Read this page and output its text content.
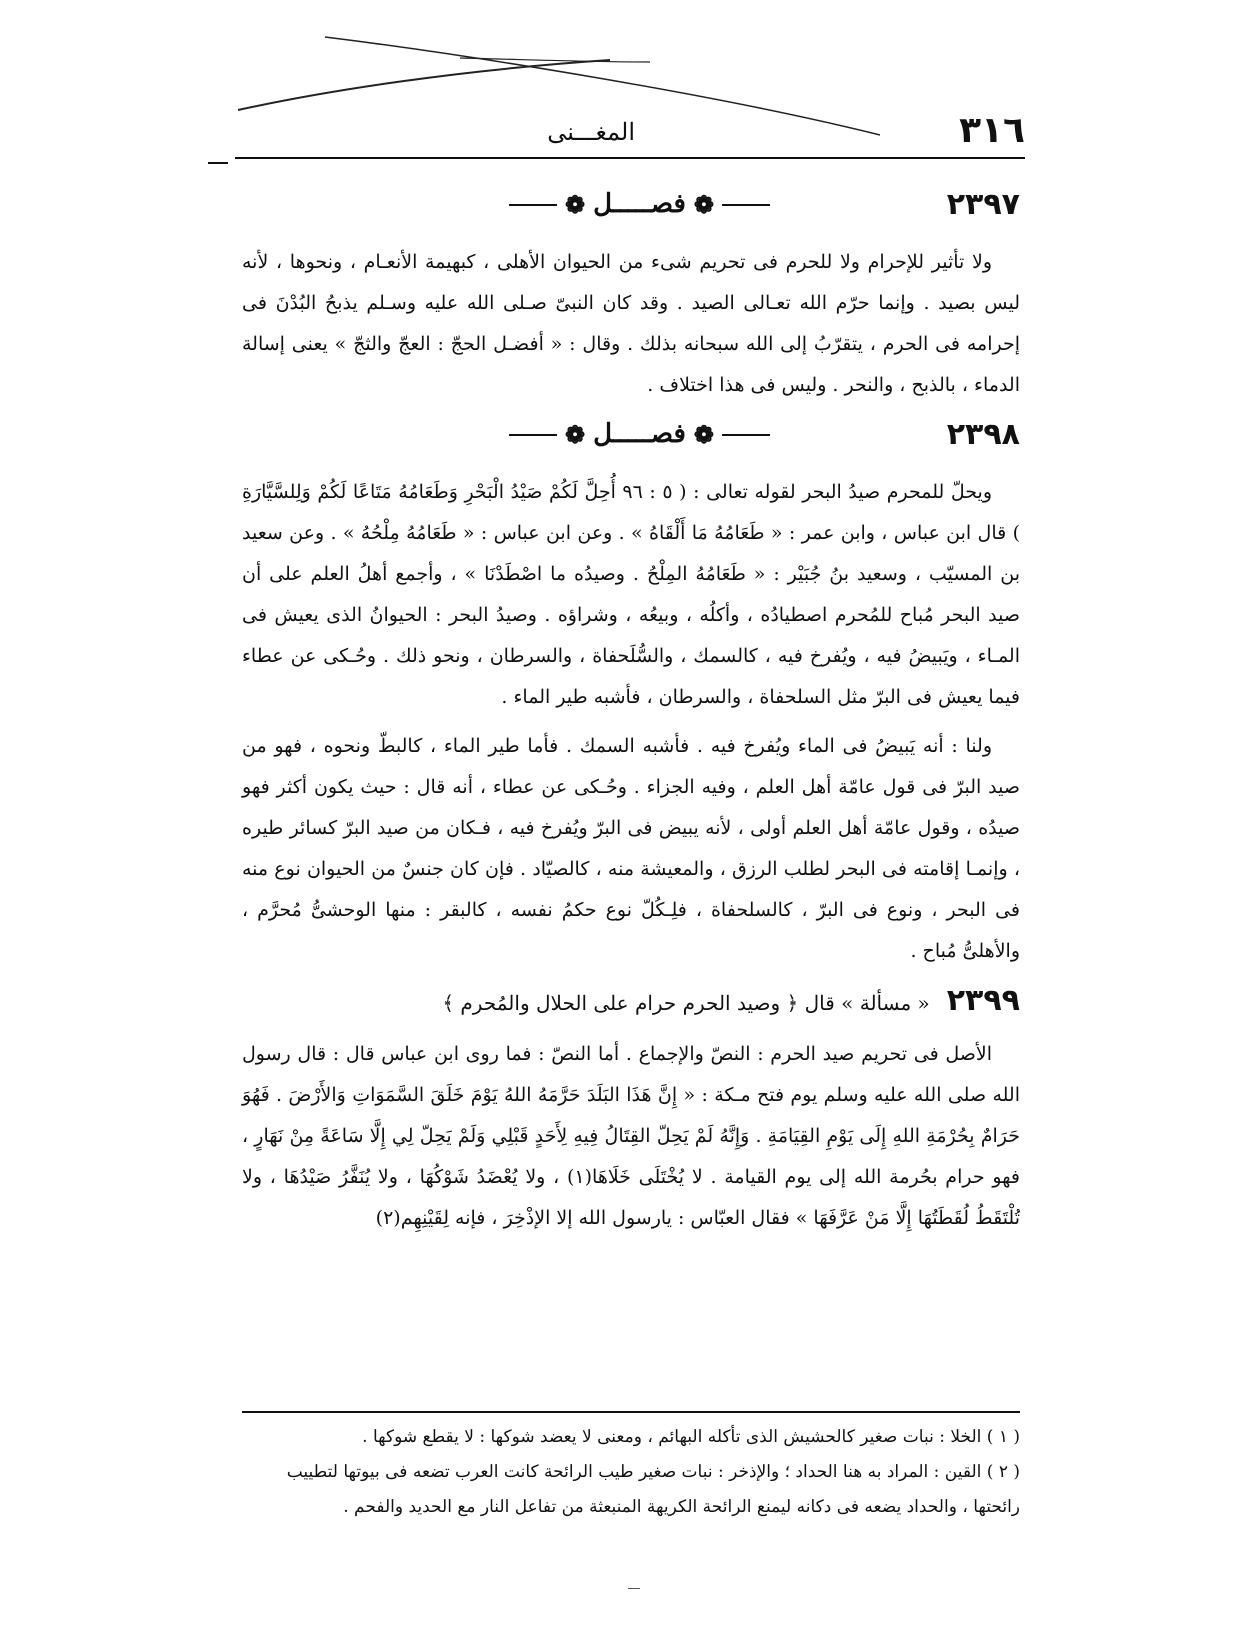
٣١٦
المغـــنى
٢٣٩٧
❁
فصـــــل
❁

ولا تأثير للإحرام ولا للحرم فى تحريم شىء من الحيوان الأهلى ، كبهيمة الأنعـام ، ونحوها ، لأنه ليس بصيد . وإنما حرّم الله تعـالى الصيد . وقد كان النبىّ صـلى الله عليه وسـلم يذبحُ البُدْنَ فى إحرامه فى الحرم ، يتقرّبُ إلى الله سبحانه بذلك . وقال : « أفضـل الحجّ : العجّ والثجّ » يعنى إسالة الدماء ، بالذبح ، والنحر . وليس فى هذا اختلاف .

٢٣٩٨
❁
فصـــــل
❁

ويحلّ للمحرم صيدُ البحر لقوله تعالى : ( ٥ : ٩٦ أُحِلَّ لَكُمْ صَيْدُ الْبَحْرِ وَطَعَامُهُ مَتَاعًا لَكُمْ وَلِلسَّيَّارَةِ ) قال ابن عباس ، وابن عمر : « طَعَامُهُ مَا أَلْقَاهُ » . وعن ابن عباس : « طَعَامُهُ مِلْحُهُ » . وعن سعيد بن المسيّب ، وسعيد بنُ جُبَيْر : « طَعَامُهُ المِلْحُ . وصيدُه ما اصْطَدْنَا » ، وأجمع أهلُ العلم على أن صيد البحر مُباح للمُحرم اصطيادُه ، وأكلُه ، وبيعُه ، وشراؤه . وصيدُ البحر : الحيوانُ الذى يعيش فى المـاء ، ويَبيضُ فيه ، ويُفرخ فيه ، كالسمك ، والسُّلَحفاة ، والسرطان ، ونحو ذلك . وحُـكى عن عطاء فيما يعيش فى البرّ مثل السلحفاة ، والسرطان ، فأشبه طير الماء .

ولنا : أنه يَبيضُ فى الماء ويُفرخ فيه . فأشبه السمك . فأما طير الماء ، كالبطّ ونحوه ، فهو من صيد البرّ فى قول عامّة أهل العلم ، وفيه الجزاء . وحُـكى عن عطاء ، أنه قال : حيث يكون أكثر فهو صيدُه ، وقول عامّة أهل العلم أولى ، لأنه يبيض فى البرّ ويُفرخ فيه ، فـكان من صيد البرّ كسائر طيره ، وإنمـا إقامته فى البحر لطلب الرزق ، والمعيشة منه ، كالصيّاد . فإن كان جنسٌ من الحيوان نوع منه فى البحر ، ونوع فى البرّ ، كالسلحفاة ، فلِـكُلّ نوع حكمُ نفسه ، كالبقر : منها الوحشىُّ مُحرَّم ، والأهلىُّ مُباح .

٢٣٩٩ « مسألة » قال ﴿ وصيد الحرم حرام على الحلال والمُحرم ﴾

الأصل فى تحريم صيد الحرم : النصّ والإجماع . أما النصّ : فما روى ابن عباس قال : قال رسول الله صلى الله عليه وسلم يوم فتح مـكة : « إِنَّ هَذَا البَلَدَ حَرَّمَهُ اللهُ يَوْمَ خَلَقَ السَّمَوَاتِ وَالأَرْضَ . فَهُوَ حَرَامٌ بِحُرْمَةِ اللهِ إِلَى يَوْمِ القِيَامَةِ . وَإِنَّهُ لَمْ يَحِلّ القِتَالُ فِيهِ لِأَحَدٍ قَبْلِي وَلَمْ يَحِلّ لِي إِلَّا سَاعَةً مِنْ نَهَارٍ ، فهو حرام بحُرمة الله إلى يوم القيامة . لا يُخْتَلَى خَلَاهَا(١) ، ولا يُعْضَدُ شَوْكُهَا ، ولا يُنَفَّرُ صَيْدُهَا ، ولا تُلْتَقَطُ لُقَطَتُهَا إِلَّا مَنْ عَرَّفَهَا » فقال العبّاس : يارسول الله إلا الإذْخِرَ ، فإنه لِقَيْنِهِم(٢)

( ١ ) الخلا : نبات صغير كالحشيش الذى تأكله البهائم ، ومعنى لا يعضد شوكها : لا يقطع شوكها .
( ٢ ) القين : المراد به هنا الحداد ؛ والإذخر : نبات صغير طيب الرائحة كانت العرب تضعه فى بيوتها لتطييب رائحتها ، والحداد يضعه فى دكانه ليمنع الرائحة الكريهة المنبعثة من تفاعل النار مع الحديد والفحم .
